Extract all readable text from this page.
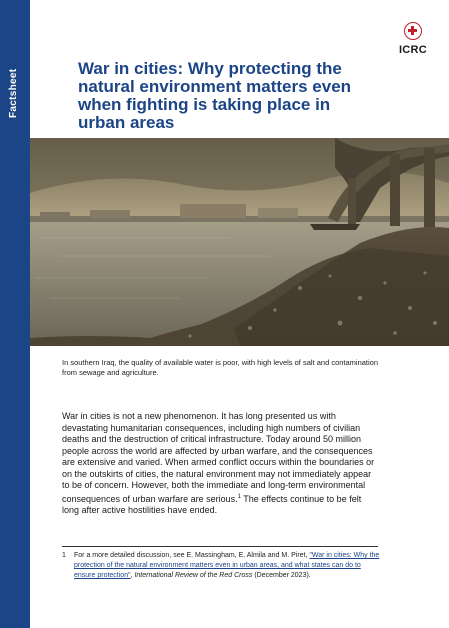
Factsheet
ICRC
War in cities: Why protecting the natural environment matters even when fighting is taking place in urban areas
In southern Iraq, the quality of available water is poor, with high levels of salt and contamination from sewage and agriculture.

War in cities is not a new phenomenon. It has long presented us with devastating humanitarian consequences, including high numbers of civilian deaths and the destruction of critical infrastructure. Today around 50 million people across the world are affected by urban warfare, and the consequences are extensive and varied. When armed conflict occurs within the boundaries or on the outskirts of cities, the natural environment may not immediately appear to be of concern. However, both the immediate and long-term environmental consequences of urban warfare are serious.$^1$ The effects continue to be felt long after active hostilities have ended.

1 For a more detailed discussion, see E. Massingham, E. Almila and M. Piret, "War in cities: Why the protection of the natural environment matters even in urban areas, and what states can do to ensure protection", International Review of the Red Cross (December 2023).
